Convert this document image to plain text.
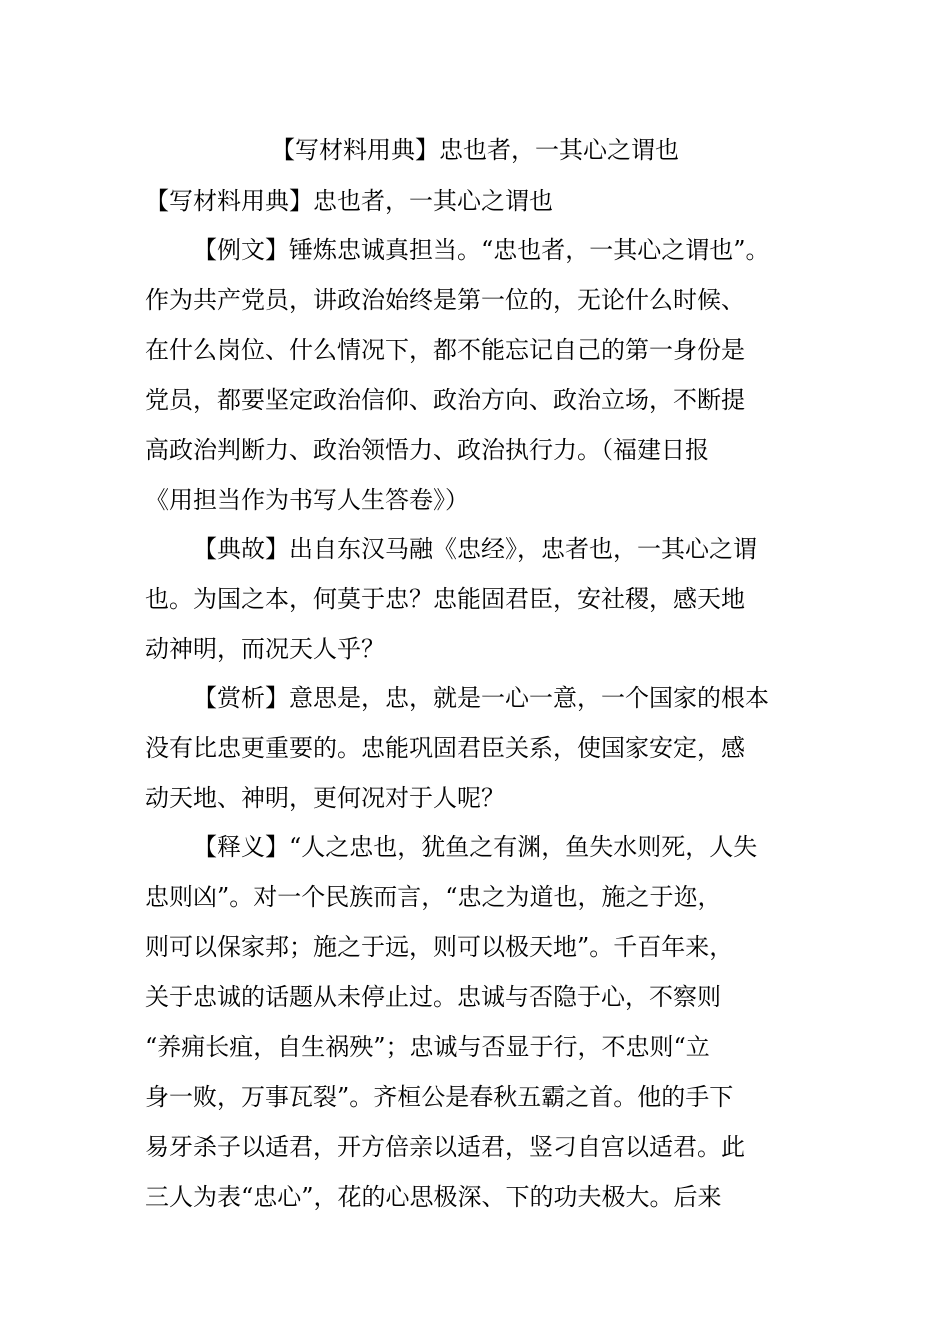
【写材料用典】忠也者，一其心之谓也
【写材料用典】忠也者，一其心之谓也
【例文】锤炼忠诚真担当。“忠也者，一其心之谓也”。
作为共产党员，讲政治始终是第一位的，无论什么时候、
在什么岗位、什么情况下，都不能忘记自己的第一身份是
党员，都要坚定政治信仰、政治方向、政治立场，不断提
高政治判断力、政治领悟力、政治执行力。（福建日报
《用担当作为书写人生答卷》）
【典故】出自东汉马融《忠经》，忠者也，一其心之谓
也。为国之本，何莫于忠？忠能固君臣，安社稷，感天地
动神明，而况天人乎？
【赏析】意思是，忠，就是一心一意，一个国家的根本
没有比忠更重要的。忠能巩固君臣关系，使国家安定，感
动天地、神明，更何况对于人呢？
【释义】“人之忠也，犹鱼之有渊，鱼失水则死，人失
忠则凶”。对一个民族而言，“忠之为道也，施之于迩，
则可以保家邦；施之于远，则可以极天地”。千百年来，
关于忠诚的话题从未停止过。忠诚与否隐于心，不察则
“养痈长疽，自生祸殃”；忠诚与否显于行，不忠则“立
身一败，万事瓦裂”。齐桓公是春秋五霸之首。他的手下
易牙杀子以适君，开方倍亲以适君，竖刁自宫以适君。此
三人为表“忠心”，花的心思极深、下的功夫极大。后来
